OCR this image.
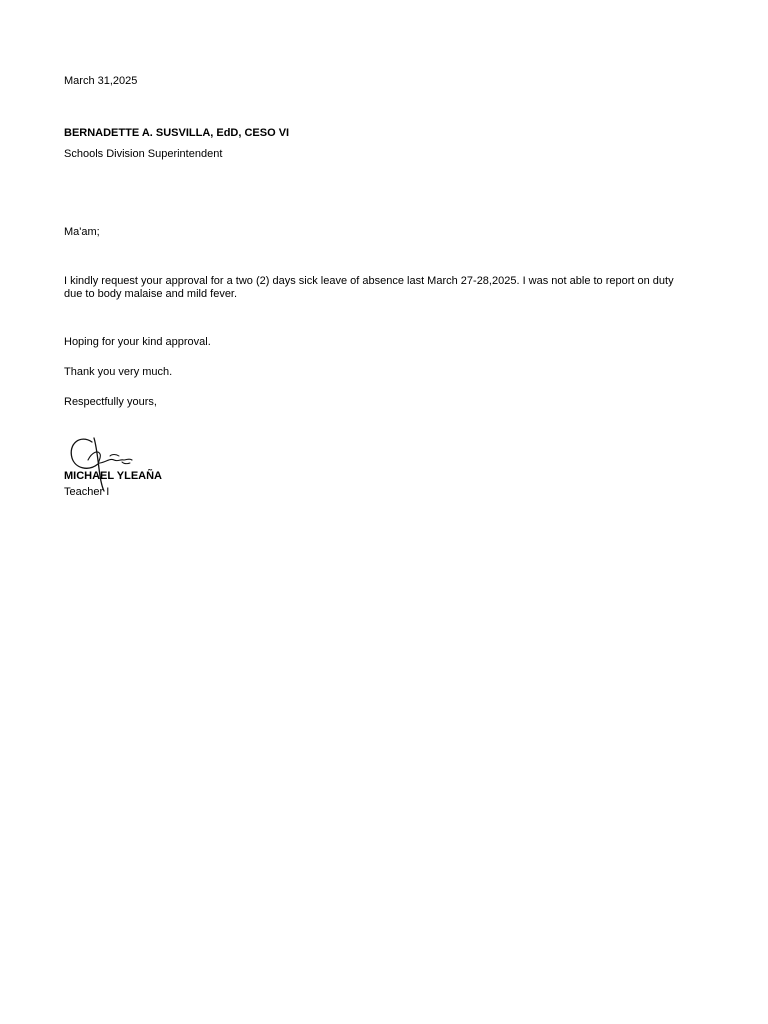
March 31,2025
BERNADETTE A. SUSVILLA, EdD, CESO VI
Schools Division Superintendent
Ma'am;
I kindly request your approval for a two (2) days sick leave of absence last March 27-28,2025. I was not able to report on duty
due to body malaise and mild fever.
Hoping for your kind approval.
Thank you very much.
Respectfully yours,
MICHAEL YLEAÑA
Teacher I
